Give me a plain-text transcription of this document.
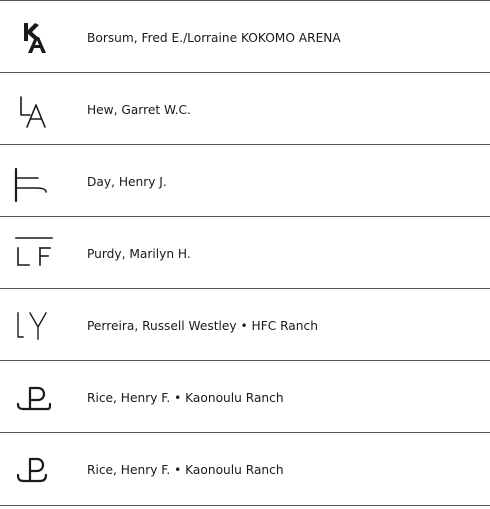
Borsum, Fred E./Lorraine KOKOMO ARENA
Hew, Garret W.C.
Day, Henry J.
Purdy, Marilyn H.
Perreira, Russell Westley • HFC Ranch
Rice, Henry F. • Kaonoulu Ranch
Rice, Henry F. • Kaonoulu Ranch
